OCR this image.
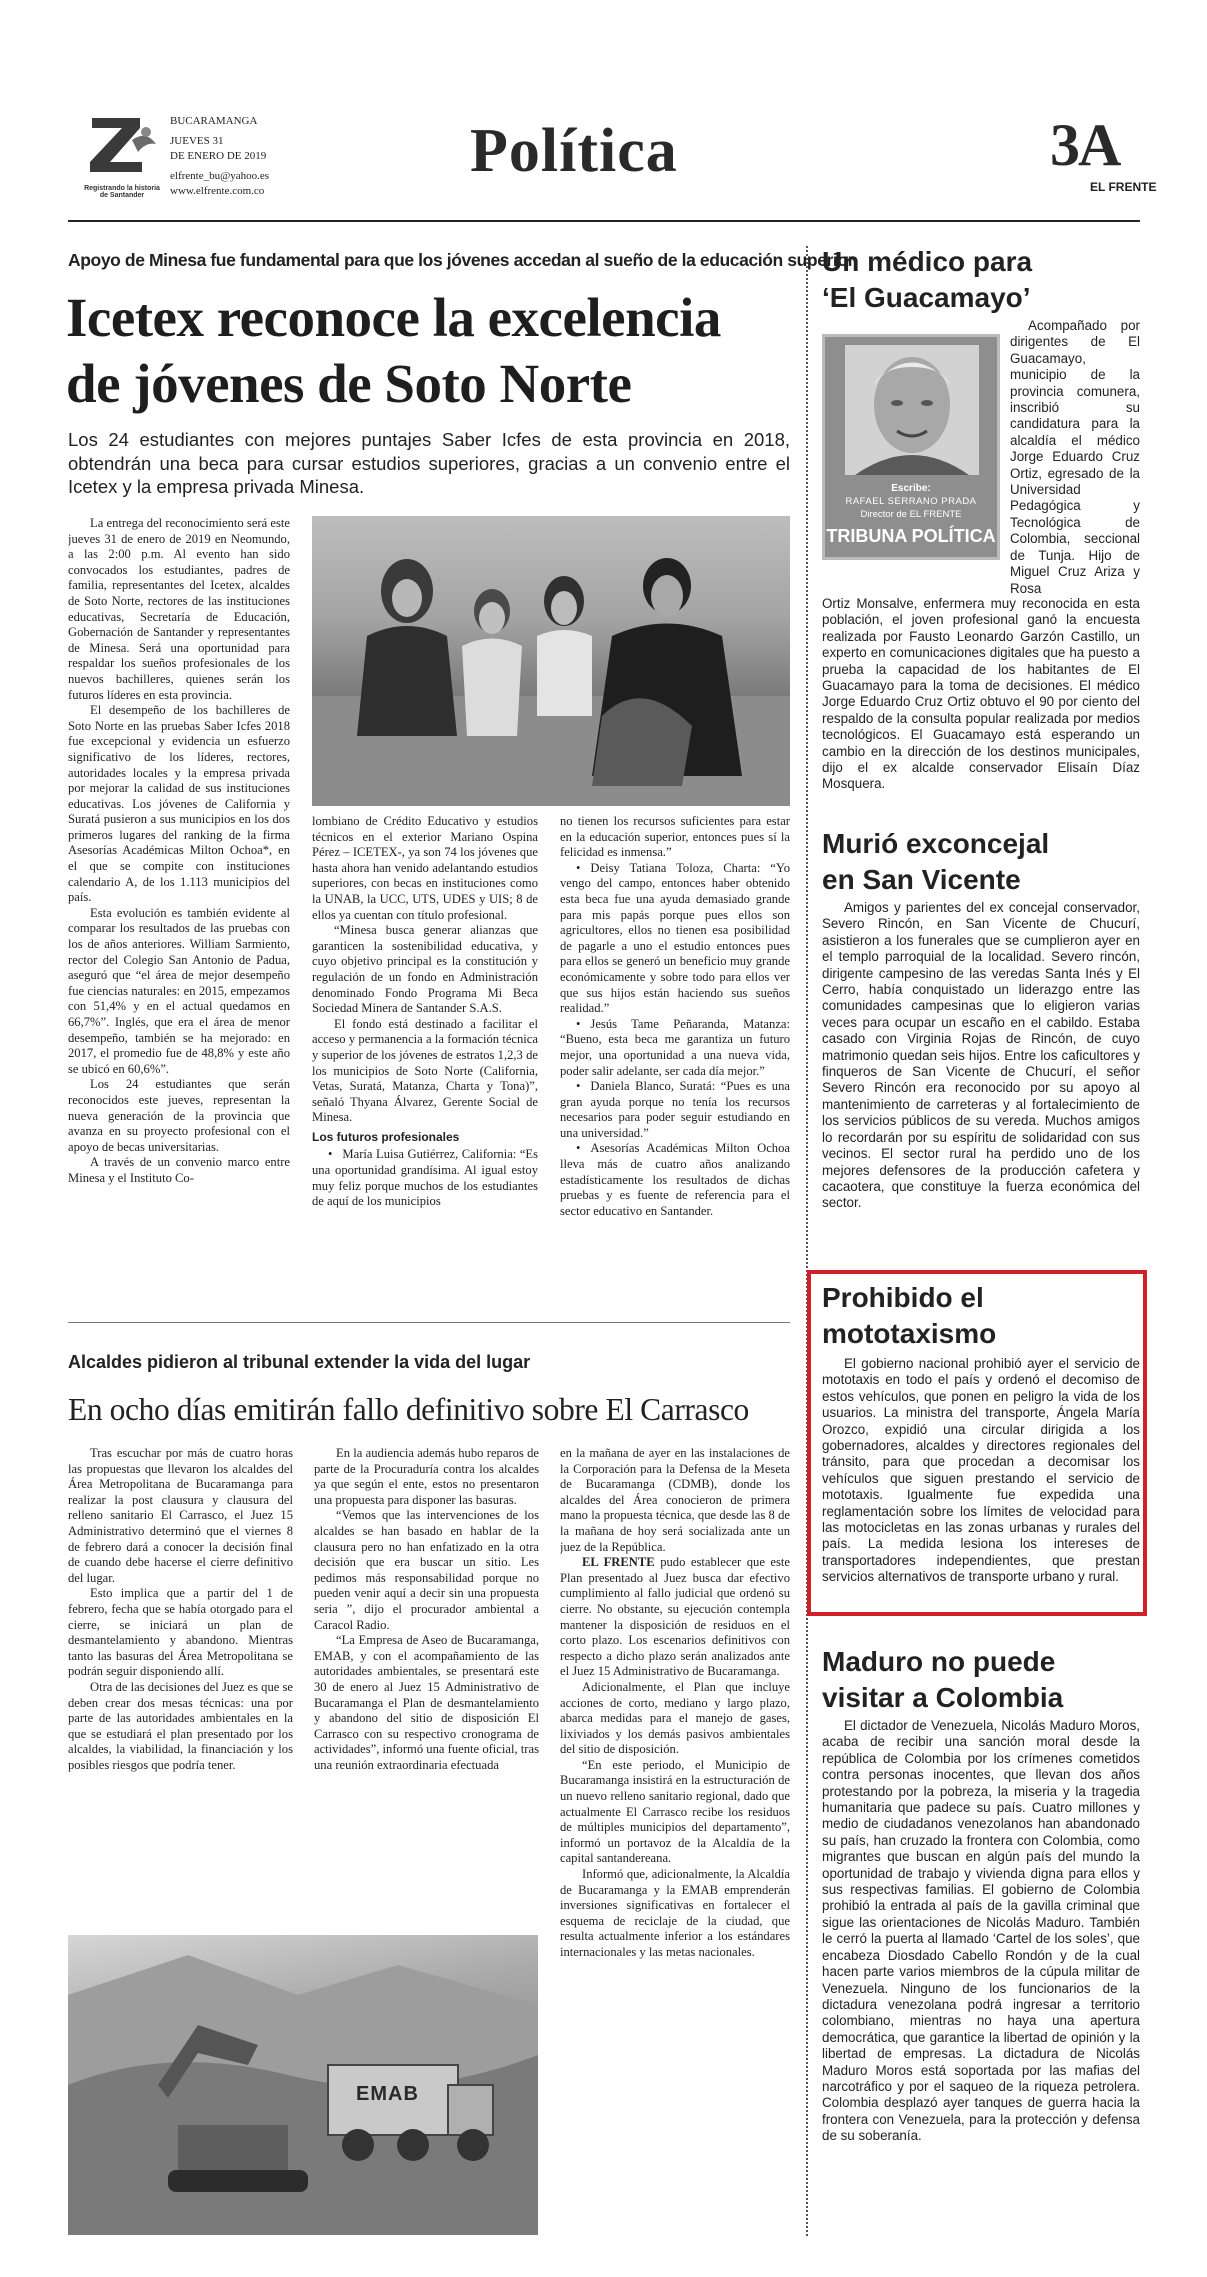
Registrando la historia
de Santander
BUCARAMANGA
JUEVES 31
DE ENERO DE 2019
elfrente_bu@yahoo.es
www.elfrente.com.co
Política	3A
EL FRENTE
Apoyo de Minesa fue fundamental para que los jóvenes accedan al sueño de la educación superior
Icetex reconoce la excelencia
de jóvenes de Soto Norte
Los 24 estudiantes con mejores puntajes Saber Icfes de esta provincia en 2018, obtendrán una beca para cursar estudios superiores, gracias a un convenio entre el Icetex y la empresa privada Minesa.

La entrega del reconocimiento será este jueves 31 de enero de 2019 en Neomundo, a las 2:00 p.m. Al evento han sido convocados los estudiantes, padres de familia, representantes del Icetex, alcaldes de Soto Norte, rectores de las instituciones educativas, Secretaría de Educación, Gobernación de Santander y representantes de Minesa. Será una oportunidad para respaldar los sueños profesionales de los nuevos bachilleres, quienes serán los futuros líderes en esta provincia.

El desempeño de los bachilleres de Soto Norte en las pruebas Saber Icfes 2018 fue excepcional y evidencia un esfuerzo significativo de los líderes, rectores, autoridades locales y la empresa privada por mejorar la calidad de sus instituciones educativas. Los jóvenes de California y Suratá pusieron a sus municipios en los dos primeros lugares del ranking de la firma Asesorías Académicas Milton Ochoa*, en el que se compite con instituciones calendario A, de los 1.113 municipios del país.

Esta evolución es también evidente al comparar los resultados de las pruebas con los de años anteriores. William Sarmiento, rector del Colegio San Antonio de Padua, aseguró que “el área de mejor desempeño fue ciencias naturales: en 2015, empezamos con 51,4% y en el actual quedamos en 66,7%”. Inglés, que era el área de menor desempeño, también se ha mejorado: en 2017, el promedio fue de 48,8% y este año se ubicó en 60,6%”.

Los 24 estudiantes que serán reconocidos este jueves, representan la nueva generación de la provincia que avanza en su proyecto profesional con el apoyo de becas universitarias.

A través de un convenio marco entre Minesa y el Instituto Co-

lombiano de Crédito Educativo y estudios técnicos en el exterior Mariano Ospina Pérez – ICETEX-, ya son 74 los jóvenes que hasta ahora han venido adelantando estudios superiores, con becas en instituciones como la UNAB, la UCC, UTS, UDES y UIS; 8 de ellos ya cuentan con título profesional.

“Minesa busca generar alianzas que garanticen la sostenibilidad educativa, y cuyo objetivo principal es la constitución y regulación de un fondo en Administración denominado Fondo Programa Mi Beca Sociedad Minera de Santander S.A.S.

El fondo está destinado a facilitar el acceso y permanencia a la formación técnica y superior de los jóvenes de estratos 1,2,3 de los municipios de Soto Norte (California, Vetas, Suratá, Matanza, Charta y Tona)”, señaló Thyana Álvarez, Gerente Social de Minesa.

Los futuros profesionales

• María Luisa Gutiérrez, California: “Es una oportunidad grandísima. Al igual estoy muy feliz porque muchos de los estudiantes de aquí de los municipios

no tienen los recursos suficientes para estar en la educación superior, entonces pues sí la felicidad es inmensa.”

• Deisy Tatiana Toloza, Charta: “Yo vengo del campo, entonces haber obtenido esta beca fue una ayuda demasiado grande para mis papás porque pues ellos son agricultores, ellos no tienen esa posibilidad de pagarle a uno el estudio entonces pues para ellos se generó un beneficio muy grande económicamente y sobre todo para ellos ver que sus hijos están haciendo sus sueños realidad.”

• Jesús Tame Peñaranda, Matanza: “Bueno, esta beca me garantiza un futuro mejor, una oportunidad a una nueva vida, poder salir adelante, ser cada día mejor.”

• Daniela Blanco, Suratá: “Pues es una gran ayuda porque no tenía los recursos necesarios para poder seguir estudiando en una universidad.”

• Asesorías Académicas Milton Ochoa lleva más de cuatro años analizando estadísticamente los resultados de dichas pruebas y es fuente de referencia para el sector educativo en Santander.

Alcaldes pidieron al tribunal extender la vida del lugar
En ocho días emitirán fallo definitivo sobre El Carrasco

Tras escuchar por más de cuatro horas las propuestas que llevaron los alcaldes del Área Metropolitana de Bucaramanga para realizar la post clausura y clausura del relleno sanitario El Carrasco, el Juez 15 Administrativo determinó que el viernes 8 de febrero dará a conocer la decisión final de cuando debe hacerse el cierre definitivo del lugar.

Esto implica que a partir del 1 de febrero, fecha que se había otorgado para el cierre, se iniciará un plan de desmantelamiento y abandono. Mientras tanto las basuras del Área Metropolitana se podrán seguir disponiendo allí.

Otra de las decisiones del Juez es que se deben crear dos mesas técnicas: una por parte de las autoridades ambientales en la que se estudiará el plan presentado por los alcaldes, la viabilidad, la financiación y los posibles riesgos que podría tener.

En la audiencia además hubo reparos de parte de la Procuraduría contra los alcaldes ya que según el ente, estos no presentaron una propuesta para disponer las basuras.

“Vemos que las intervenciones de los alcaldes se han basado en hablar de la clausura pero no han enfatizado en la otra decisión que era buscar un sitio. Les pedimos más responsabilidad porque no pueden venir aquí a decir sin una propuesta seria ”, dijo el procurador ambiental a Caracol Radio.

“La Empresa de Aseo de Bucaramanga, EMAB, y con el acompañamiento de las autoridades ambientales, se presentará este 30 de enero al Juez 15 Administrativo de Bucaramanga el Plan de desmantelamiento y abandono del sitio de disposición El Carrasco con su respectivo cronograma de actividades”, informó una fuente oficial, tras una reunión extraordinaria efectuada

EMAB

en la mañana de ayer en las instalaciones de la Corporación para la Defensa de la Meseta de Bucaramanga (CDMB), donde los alcaldes del Área conocieron de primera mano la propuesta técnica, que desde las 8 de la mañana de hoy será socializada ante un juez de la República.

EL FRENTE pudo establecer que este Plan presentado al Juez busca dar efectivo cumplimiento al fallo judicial que ordenó su cierre. No obstante, su ejecución contempla mantener la disposición de residuos en el corto plazo. Los escenarios definitivos con respecto a dicho plazo serán analizados ante el Juez 15 Administrativo de Bucaramanga.

Adicionalmente, el Plan que incluye acciones de corto, mediano y largo plazo, abarca medidas para el manejo de gases, lixiviados y los demás pasivos ambientales del sitio de disposición.

“En este periodo, el Municipio de Bucaramanga insistirá en la estructuración de un nuevo relleno sanitario regional, dado que actualmente El Carrasco recibe los residuos de múltiples municipios del departamento”, informó un portavoz de la Alcaldía de la capital santandereana.

Informó que, adicionalmente, la Alcaldía de Bucaramanga y la EMAB emprenderán inversiones significativas en fortalecer el esquema de reciclaje de la ciudad, que resulta actualmente inferior a los estándares internacionales y las metas nacionales.

Un médico para
‘El Guacamayo’
Escribe:
RAFAEL SERRANO PRADA
Director de EL FRENTE
TRIBUNA POLÍTICA
Acompañado por dirigentes de El Guacamayo, municipio de la provincia comunera, inscribió su candidatura para la alcaldía el médico Jorge Eduardo Cruz Ortiz, egresado de la Universidad Pedagógica y Tecnológica de Colombia, seccional de Tunja. Hijo de Miguel Cruz Ariza y Rosa
Ortiz Monsalve, enfermera muy reconocida en esta población, el joven profesional ganó la encuesta realizada por Fausto Leonardo Garzón Castillo, un experto en comunicaciones digitales que ha puesto a prueba la capacidad de los habitantes de El Guacamayo para la toma de decisiones. El médico Jorge Eduardo Cruz Ortiz obtuvo el 90 por ciento del respaldo de la consulta popular realizada por medios tecnológicos. El Guacamayo está esperando un cambio en la dirección de los destinos municipales, dijo el ex alcalde conservador Elisaín Díaz Mosquera.
Murió exconcejal
en San Vicente
Amigos y parientes del ex concejal conservador, Severo Rincón, en San Vicente de Chucurí, asistieron a los funerales que se cumplieron ayer en el templo parroquial de la localidad. Severo rincón, dirigente campesino de las veredas Santa Inés y El Cerro, había conquistado un liderazgo entre las comunidades campesinas que lo eligieron varias veces para ocupar un escaño en el cabildo. Estaba casado con Virginia Rojas de Rincón, de cuyo matrimonio quedan seis hijos. Entre los caficultores y finqueros de San Vicente de Chucurí, el señor Severo Rincón era reconocido por su apoyo al mantenimiento de carreteras y al fortalecimiento de los servicios públicos de su vereda. Muchos amigos lo recordarán por su espíritu de solidaridad con sus vecinos. El sector rural ha perdido uno de los mejores defensores de la producción cafetera y cacaotera, que constituye la fuerza económica del sector.
Prohibido el
mototaxismo
El gobierno nacional prohibió ayer el servicio de mototaxis en todo el país y ordenó el decomiso de estos vehículos, que ponen en peligro la vida de los usuarios. La ministra del transporte, Ángela María Orozco, expidió una circular dirigida a los gobernadores, alcaldes y directores regionales del tránsito, para que procedan a decomisar los vehículos que siguen prestando el servicio de mototaxis. Igualmente fue expedida una reglamentación sobre los límites de velocidad para las motocicletas en las zonas urbanas y rurales del país. La medida lesiona los intereses de transportadores independientes, que prestan servicios alternativos de transporte urbano y rural.
Maduro no puede
visitar a Colombia
El dictador de Venezuela, Nicolás Maduro Moros, acaba de recibir una sanción moral desde la república de Colombia por los crímenes cometidos contra personas inocentes, que llevan dos años protestando por la pobreza, la miseria y la tragedia humanitaria que padece su país. Cuatro millones y medio de ciudadanos venezolanos han abandonado su país, han cruzado la frontera con Colombia, como migrantes que buscan en algún país del mundo la oportunidad de trabajo y vivienda digna para ellos y sus respectivas familias. El gobierno de Colombia prohibió la entrada al país de la gavilla criminal que sigue las orientaciones de Nicolás Maduro. También le cerró la puerta al llamado ‘Cartel de los soles’, que encabeza Diosdado Cabello Rondón y de la cual hacen parte varios miembros de la cúpula militar de Venezuela. Ninguno de los funcionarios de la dictadura venezolana podrá ingresar a territorio colombiano, mientras no haya una apertura democrática, que garantice la libertad de opinión y la libertad de empresas. La dictadura de Nicolás Maduro Moros está soportada por las mafias del narcotráfico y por el saqueo de la riqueza petrolera. Colombia desplazó ayer tanques de guerra hacia la frontera con Venezuela, para la protección y defensa de su soberanía.
